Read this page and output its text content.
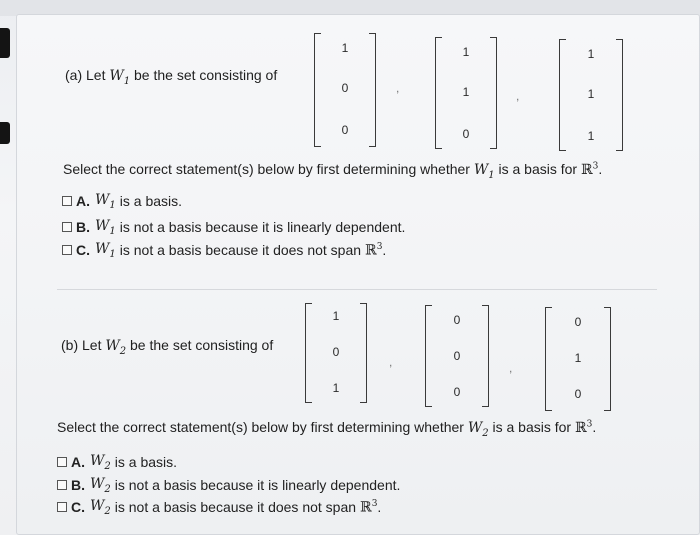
(a) Let $W_1$ be the set consisting of
1
0
0
,
1
1
0
,
1
1
1
Select the correct statement(s) below by first determining whether $W_1$ is a basis for ℝ$^3$.
A. $W_1$ is a basis.
B. $W_1$ is not a basis because it is linearly dependent.
C. $W_1$ is not a basis because it does not span ℝ$^3$ .
(b) Let $W_2$ be the set consisting of
1
0
1
,
0
0
0
,
0
1
0
Select the correct statement(s) below by first determining whether $W_2$ is a basis for ℝ$^3$.
A. $W_2$ is a basis.
B. $W_2$ is not a basis because it is linearly dependent.
C. $W_2$ is not a basis because it does not span ℝ$^3$ .
